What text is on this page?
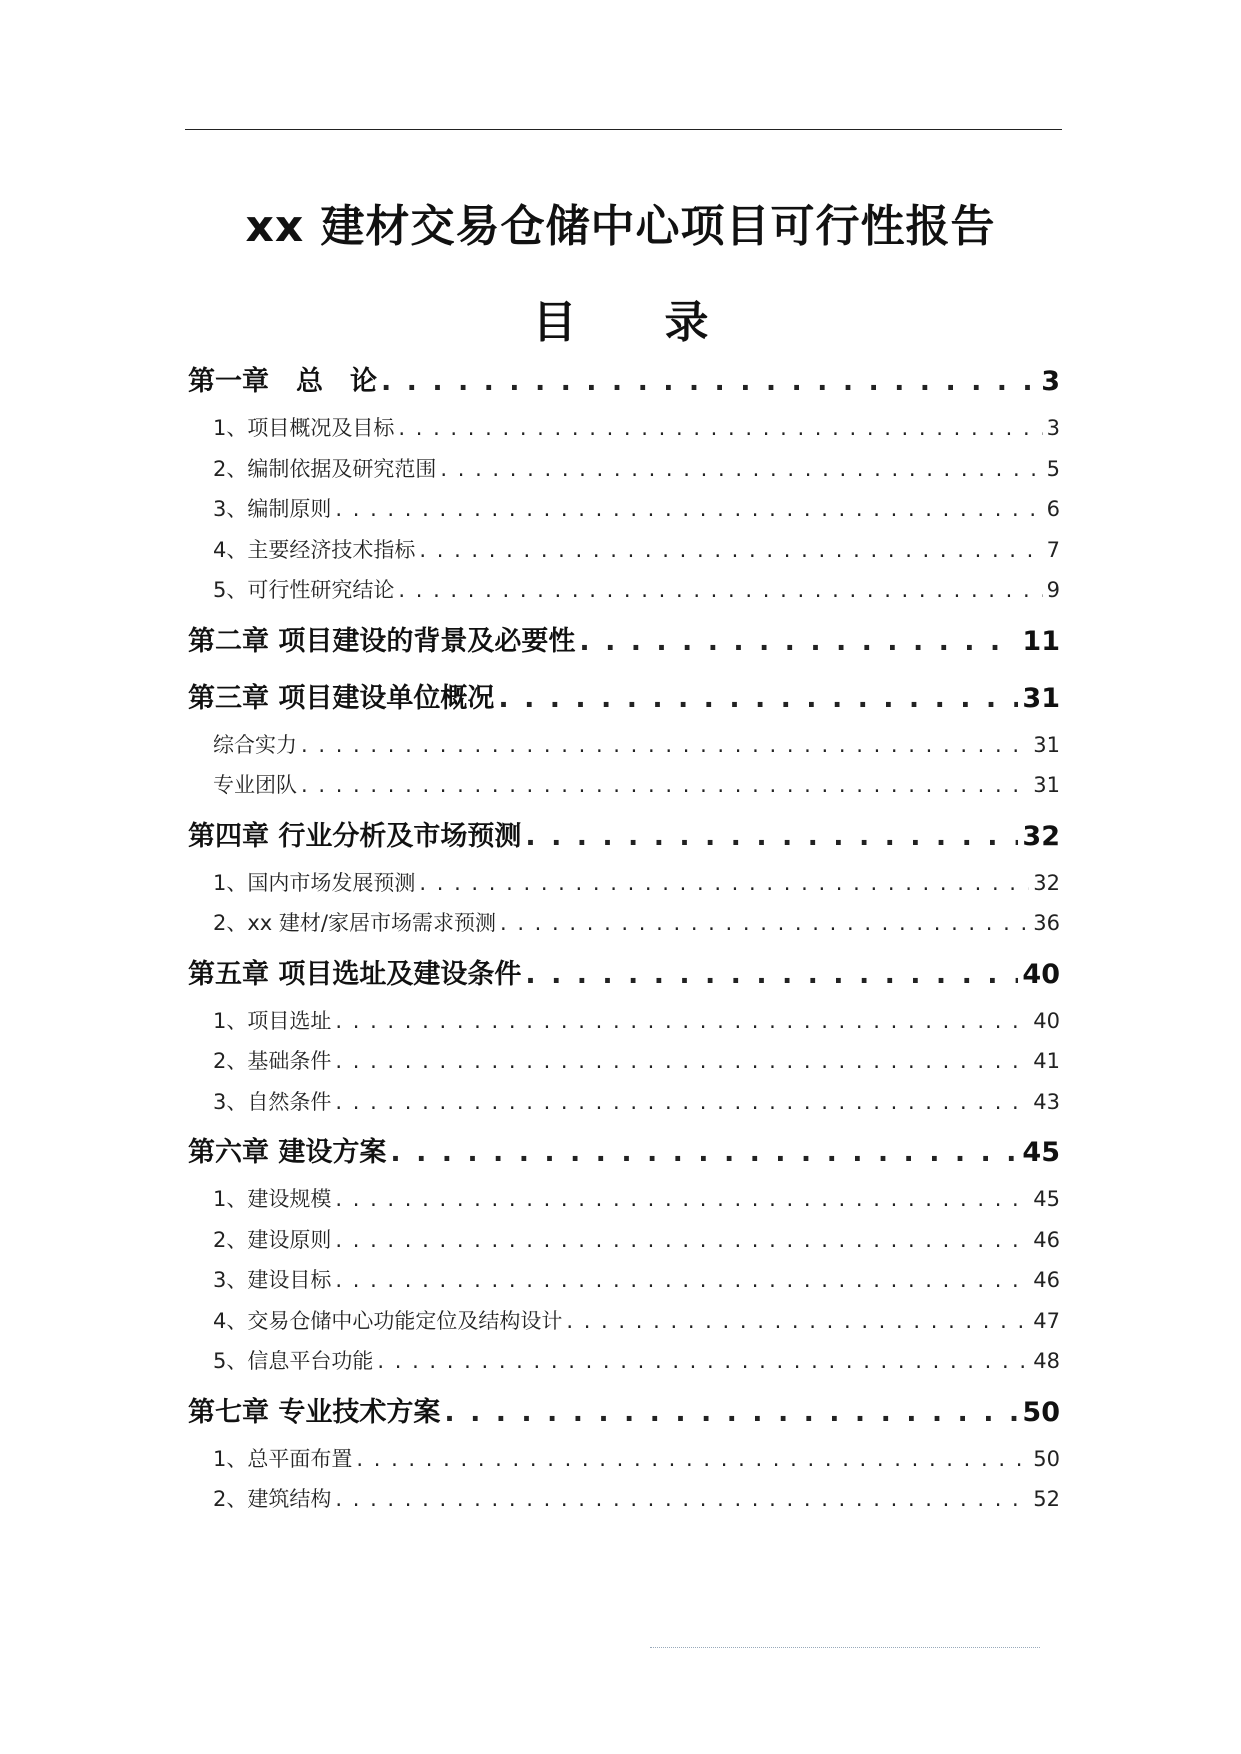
xx 建材交易仓储中心项目可行性报告
目 录
第一章　总　论 . . .	3
1、项目概况及目标 . . .	3
2、编制依据及研究范围 . . .	5
3、编制原则 . . .	6
4、主要经济技术指标 . . .	7
5、可行性研究结论 . . .	9
第二章 项目建设的背景及必要性 . . .	11
第三章 项目建设单位概况 . . .	31
综合实力 . . .	31
专业团队 . . .	31
第四章 行业分析及市场预测 . . .	32
1、国内市场发展预测 . . .	32
2、xx 建材/家居市场需求预测 . . .	36
第五章 项目选址及建设条件 . . .	40
1、项目选址 . . .	40
2、基础条件 . . .	41
3、自然条件 . . .	43
第六章 建设方案 . . .	45
1、建设规模 . . .	45
2、建设原则 . . .	46
3、建设目标 . . .	46
4、交易仓储中心功能定位及结构设计 . . .	47
5、信息平台功能 . . .	48
第七章 专业技术方案 . . .	50
1、总平面布置 . . .	50
2、建筑结构 . . .	52
